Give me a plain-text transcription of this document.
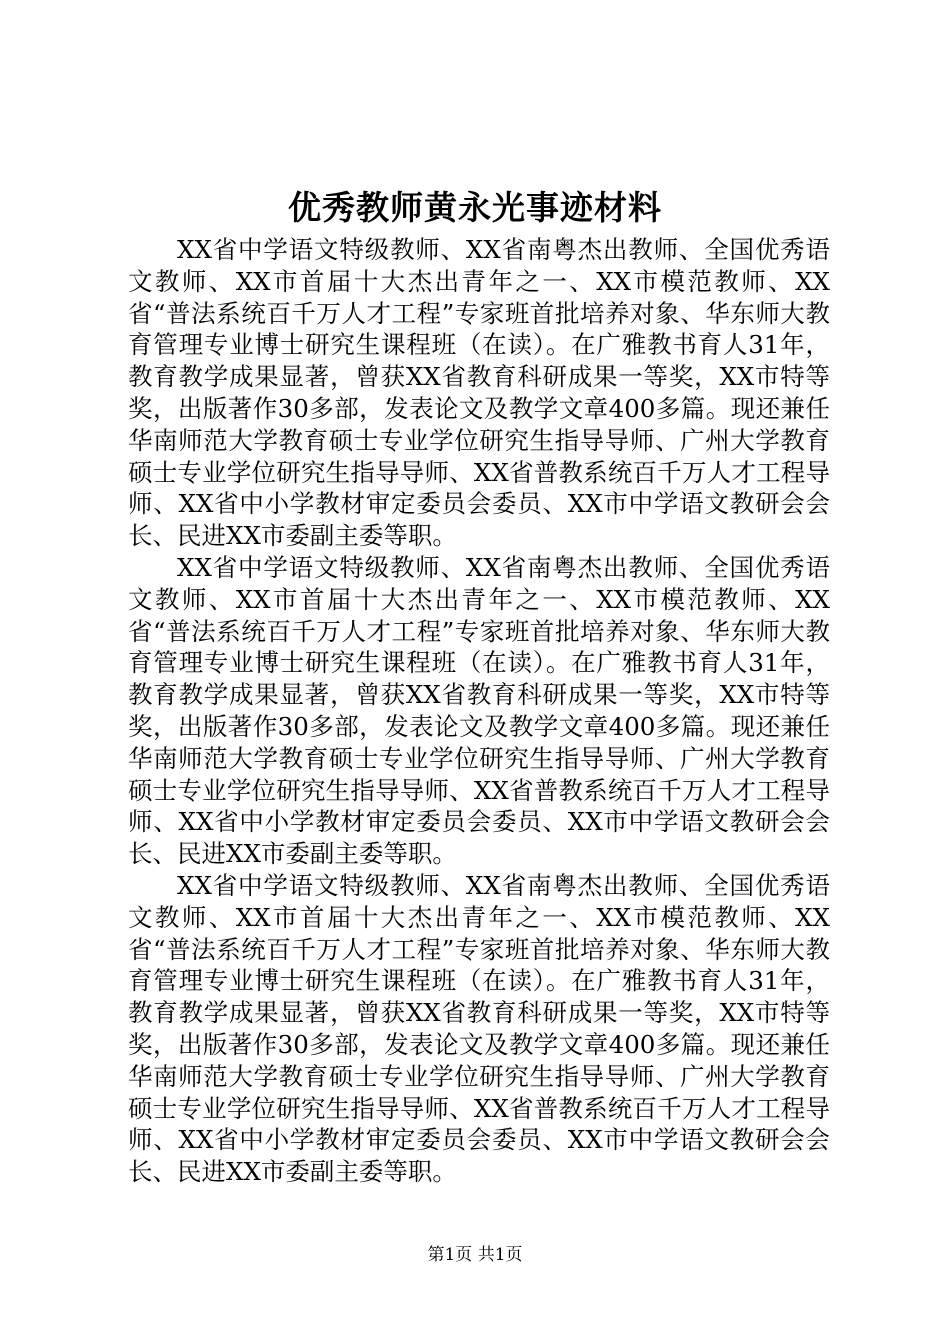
优秀教师黄永光事迹材料

XX省中学语文特级教师、XX省南粤杰出教师、全国优秀语文教师、XX市首届十大杰出青年之一、XX市模范教师、XX省“普法系统百千万人才工程”专家班首批培养对象、华东师大教育管理专业博士研究生课程班（在读）。在广雅教书育人31年，教育教学成果显著，曾获XX省教育科研成果一等奖，XX市特等奖，出版著作30多部，发表论文及教学文章400多篇。现还兼任华南师范大学教育硕士专业学位研究生指导导师、广州大学教育硕士专业学位研究生指导导师、XX省普教系统百千万人才工程导师、XX省中小学教材审定委员会委员、XX市中学语文教研会会长、民进XX市委副主委等职。

XX省中学语文特级教师、XX省南粤杰出教师、全国优秀语文教师、XX市首届十大杰出青年之一、XX市模范教师、XX省“普法系统百千万人才工程”专家班首批培养对象、华东师大教育管理专业博士研究生课程班（在读）。在广雅教书育人31年，教育教学成果显著，曾获XX省教育科研成果一等奖，XX市特等奖，出版著作30多部，发表论文及教学文章400多篇。现还兼任华南师范大学教育硕士专业学位研究生指导导师、广州大学教育硕士专业学位研究生指导导师、XX省普教系统百千万人才工程导师、XX省中小学教材审定委员会委员、XX市中学语文教研会会长、民进XX市委副主委等职。

XX省中学语文特级教师、XX省南粤杰出教师、全国优秀语文教师、XX市首届十大杰出青年之一、XX市模范教师、XX省“普法系统百千万人才工程”专家班首批培养对象、华东师大教育管理专业博士研究生课程班（在读）。在广雅教书育人31年，教育教学成果显著，曾获XX省教育科研成果一等奖，XX市特等奖，出版著作30多部，发表论文及教学文章400多篇。现还兼任华南师范大学教育硕士专业学位研究生指导导师、广州大学教育硕士专业学位研究生指导导师、XX省普教系统百千万人才工程导师、XX省中小学教材审定委员会委员、XX市中学语文教研会会长、民进XX市委副主委等职。

第1页 共1页
